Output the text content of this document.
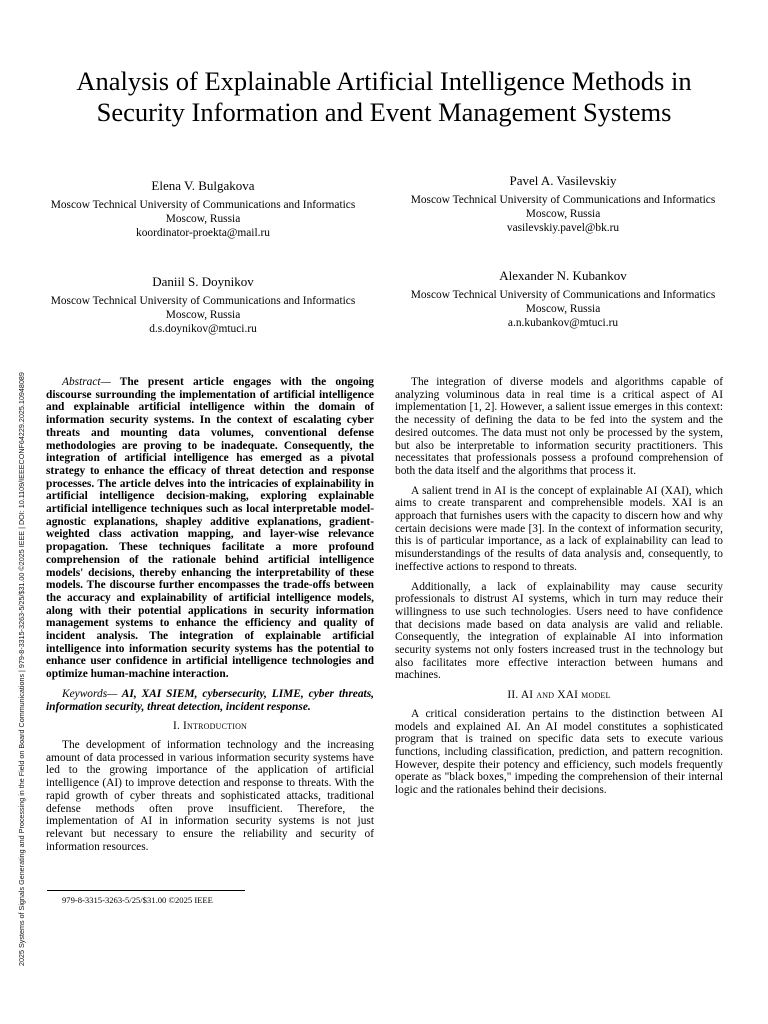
2025 Systems of Signals Generating and Processing in the Field on Board Communications | 979-8-3315-3263-5/25/$31.00 ©2025 IEEE | DOI: 10.1109/IEEECONF64229.2025.10948089
Analysis of Explainable Artificial Intelligence Methods in Security Information and Event Management Systems
Elena V. Bulgakova
Moscow Technical University of Communications and Informatics
Moscow, Russia
koordinator-proekta@mail.ru
Pavel A. Vasilevskiy
Moscow Technical University of Communications and Informatics
Moscow, Russia
vasilevskiy.pavel@bk.ru
Daniil S. Doynikov
Moscow Technical University of Communications and Informatics
Moscow, Russia
d.s.doynikov@mtuci.ru
Alexander N. Kubankov
Moscow Technical University of Communications and Informatics
Moscow, Russia
a.n.kubankov@mtuci.ru

Abstract— The present article engages with the ongoing discourse surrounding the implementation of artificial intelligence and explainable artificial intelligence within the domain of information security systems. In the context of escalating cyber threats and mounting data volumes, conventional defense methodologies are proving to be inadequate. Consequently, the integration of artificial intelligence has emerged as a pivotal strategy to enhance the efficacy of threat detection and response processes. The article delves into the intricacies of explainability in artificial intelligence decision-making, exploring explainable artificial intelligence techniques such as local interpretable model-agnostic explanations, shapley additive explanations, gradient-weighted class activation mapping, and layer-wise relevance propagation. These techniques facilitate a more profound comprehension of the rationale behind artificial intelligence models' decisions, thereby enhancing the interpretability of these models. The discourse further encompasses the trade-offs between the accuracy and explainability of artificial intelligence models, along with their potential applications in security information management systems to enhance the efficiency and quality of incident analysis. The integration of explainable artificial intelligence into information security systems has the potential to enhance user confidence in artificial intelligence technologies and optimize human-machine interaction.

Keywords— AI, XAI SIEM, cybersecurity, LIME, cyber threats, information security, threat detection, incident response.

I. Introduction

The development of information technology and the increasing amount of data processed in various information security systems have led to the growing importance of the application of artificial intelligence (AI) to improve detection and response to threats. With the rapid growth of cyber threats and sophisticated attacks, traditional defense methods often prove insufficient. Therefore, the implementation of AI in information security systems is not just relevant but necessary to ensure the reliability and security of information resources.

The integration of diverse models and algorithms capable of analyzing voluminous data in real time is a critical aspect of AI implementation [1, 2]. However, a salient issue emerges in this context: the necessity of defining the data to be fed into the system and the desired outcomes. The data must not only be processed by the system, but also be interpretable to information security practitioners. This necessitates that professionals possess a profound comprehension of both the data itself and the algorithms that process it.

A salient trend in AI is the concept of explainable AI (XAI), which aims to create transparent and comprehensible models. XAI is an approach that furnishes users with the capacity to discern how and why certain decisions were made [3]. In the context of information security, this is of particular importance, as a lack of explainability can lead to misunderstandings of the results of data analysis and, consequently, to ineffective actions to respond to threats.

Additionally, a lack of explainability may cause security professionals to distrust AI systems, which in turn may reduce their willingness to use such technologies. Users need to have confidence that decisions made based on data analysis are valid and reliable. Consequently, the integration of explainable AI into information security systems not only fosters increased trust in the technology but also facilitates more effective interaction between humans and machines.

II. AI and XAI model

A critical consideration pertains to the distinction between AI models and explained AI. An AI model constitutes a sophisticated program that is trained on specific data sets to execute various functions, including classification, prediction, and pattern recognition. However, despite their potency and efficiency, such models frequently operate as "black boxes," impeding the comprehension of their internal logic and the rationales behind their decisions.

979-8-3315-3263-5/25/$31.00 ©2025 IEEE
